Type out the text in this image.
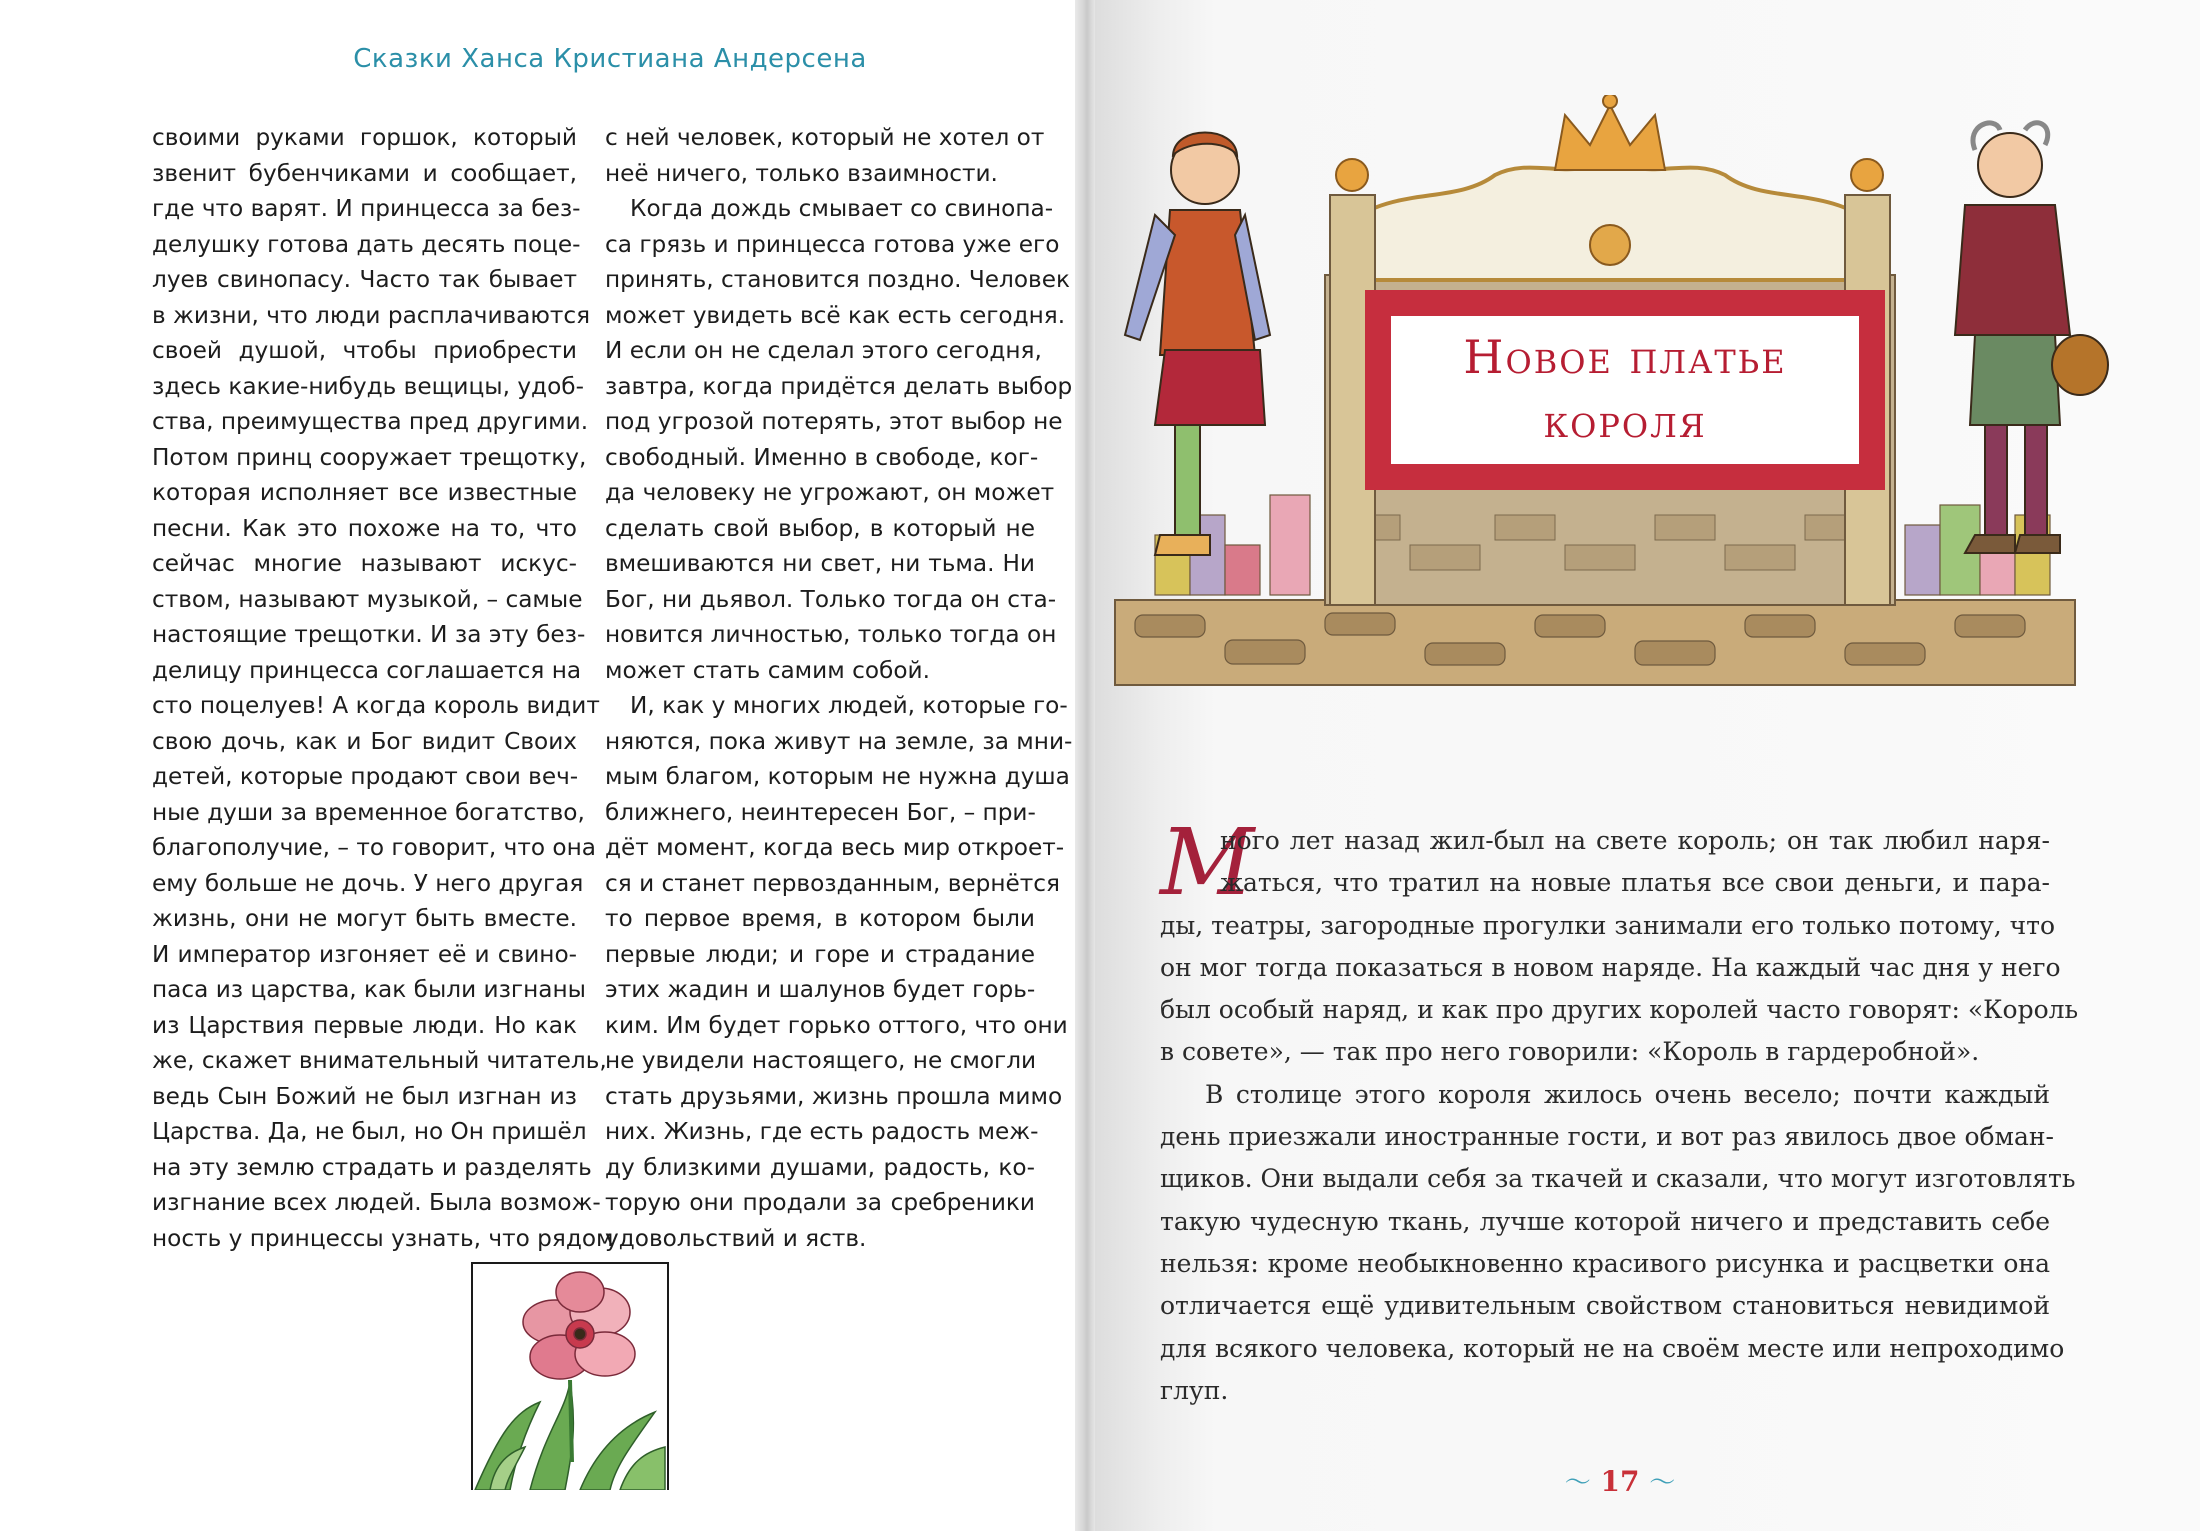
Сказки Ханса Кристиана Андерсена
своими руками горшок, который
звенит бубенчиками и сообщает,
где что варят. И принцесса за без-
делушку готова дать десять поце-
луев свинопасу. Часто так бывает
в жизни, что люди расплачиваются
своей душой, чтобы приобрести
здесь какие-нибудь вещицы, удоб-
ства, преимущества пред другими.
Потом принц сооружает трещотку,
которая исполняет все известные
песни. Как это похоже на то, что
сейчас многие называют искус-
ством, называют музыкой, – самые
настоящие трещотки. И за эту без-
делицу принцесса соглашается на
сто поцелуев! А когда король видит
свою дочь, как и Бог видит Своих
детей, которые продают свои веч-
ные души за временное богатство,
благополучие, – то говорит, что она
ему больше не дочь. У него другая
жизнь, они не могут быть вместе.
И император изгоняет её и свино-
паса из царства, как были изгнаны
из Царствия первые люди. Но как
же, скажет внимательный читатель,
ведь Сын Божий не был изгнан из
Царства. Да, не был, но Он пришёл
на эту землю страдать и разделять
изгнание всех людей. Была возмож-
ность у принцессы узнать, что рядом
с ней человек, который не хотел от
неё ничего, только взаимности.
Когда дождь смывает со свинопа-
са грязь и принцесса готова уже его
принять, становится поздно. Человек
может увидеть всё как есть сегодня.
И если он не сделал этого сегодня,
завтра, когда придётся делать выбор
под угрозой потерять, этот выбор не
свободный. Именно в свободе, ког-
да человеку не угрожают, он может
сделать свой выбор, в который не
вмешиваются ни свет, ни тьма. Ни
Бог, ни дьявол. Только тогда он ста-
новится личностью, только тогда он
может стать самим собой.
И, как у многих людей, которые го-
няются, пока живут на земле, за мни-
мым благом, которым не нужна душа
ближнего, неинтересен Бог, – при-
дёт момент, когда весь мир откроет-
ся и станет первозданным, вернётся
то первое время, в котором были
первые люди; и горе и страдание
этих жадин и шалунов будет горь-
ким. Им будет горько оттого, что они
не увидели настоящего, не смогли
стать друзьями, жизнь прошла мимо
них. Жизнь, где есть радость меж-
ду близкими душами, радость, ко-
торую они продали за сребреники
удовольствий и яств.
Новое платье
короля
М
ного лет назад жил-был на свете король; он так любил наря-
жаться, что тратил на новые платья все свои деньги, и пара-
ды, театры, загородные прогулки занимали его только потому, что
он мог тогда показаться в новом наряде. На каждый час дня у него
был особый наряд, и как про других королей часто говорят: «Король
в совете», — так про него говорили: «Король в гардеробной».
В столице этого короля жилось очень весело; почти каждый
день приезжали иностранные гости, и вот раз явилось двое обман-
щиков. Они выдали себя за ткачей и сказали, что могут изготовлять
такую чудесную ткань, лучше которой ничего и представить себе
нельзя: кроме необыкновенно красивого рисунка и расцветки она
отличается ещё удивительным свойством становиться невидимой
для всякого человека, который не на своём месте или непроходимо
глуп.
〜 17 〜
